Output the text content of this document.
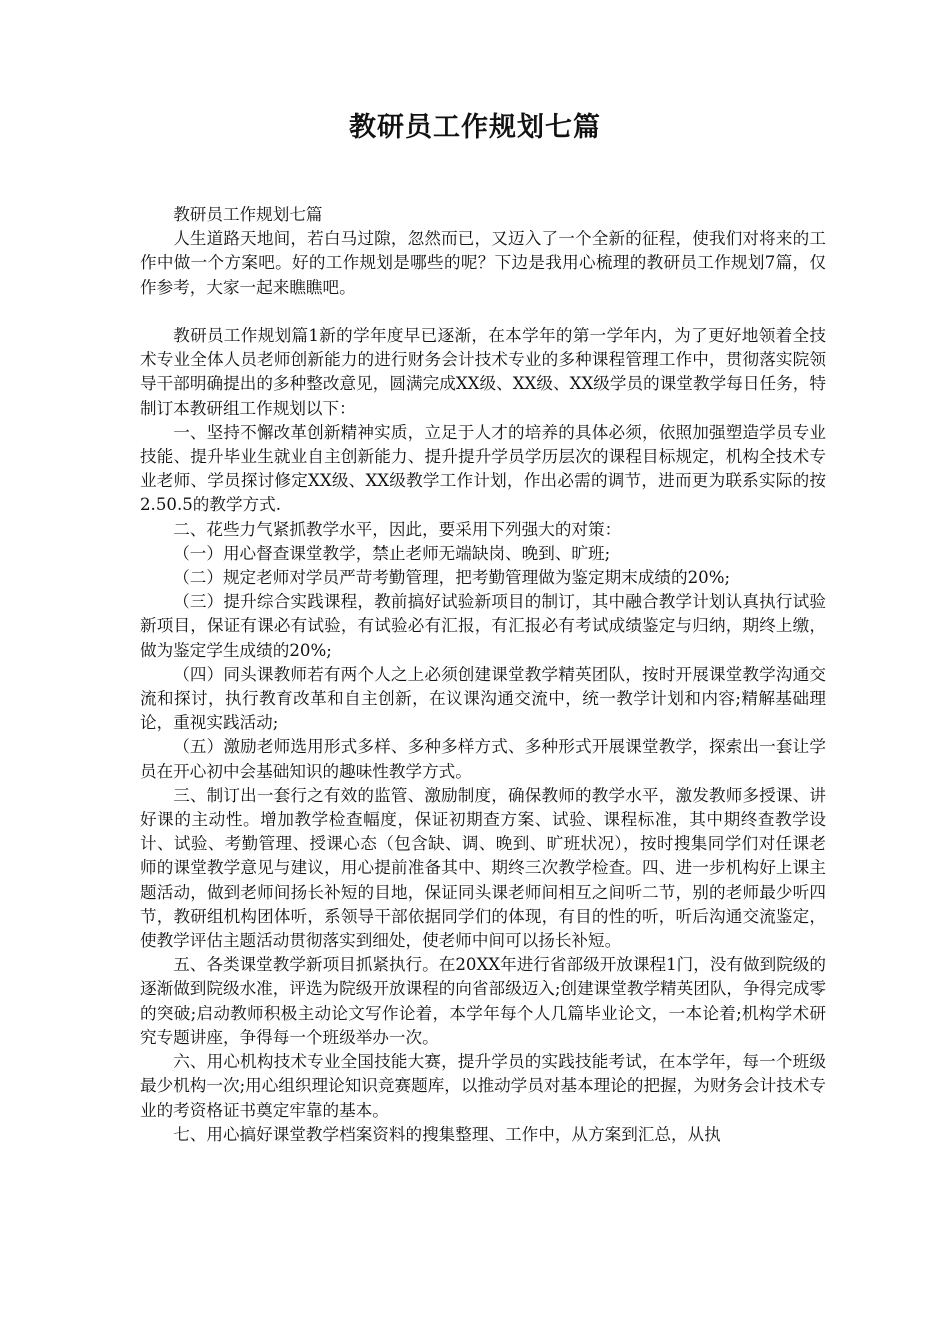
教研员工作规划七篇

教研员工作规划七篇

人生道路天地间，若白马过隙，忽然而已，又迈入了一个全新的征程，使我们对将来的工作中做一个方案吧。好的工作规划是哪些的呢？下边是我用心梳理的教研员工作规划7篇，仅作参考，大家一起来瞧瞧吧。

教研员工作规划篇1新的学年度早已逐渐，在本学年的第一学年内，为了更好地领着全技术专业全体人员老师创新能力的进行财务会计技术专业的多种课程管理工作中，贯彻落实院领导干部明确提出的多种整改意见，圆满完成XX级、XX级、XX级学员的课堂教学每日任务，特制订本教研组工作规划以下：

一、坚持不懈改革创新精神实质，立足于人才的培养的具体必须，依照加强塑造学员专业技能、提升毕业生就业自主创新能力、提升提升学员学历层次的课程目标规定，机构全技术专业老师、学员探讨修定XX级、XX级教学工作计划，作出必需的调节，进而更为联系实际的按2.50.5的教学方式.

二、花些力气紧抓教学水平，因此，要采用下列强大的对策：

（一）用心督查课堂教学，禁止老师无端缺岗、晚到、旷班;

（二）规定老师对学员严苛考勤管理，把考勤管理做为鉴定期末成绩的20%;

（三）提升综合实践课程，教前搞好试验新项目的制订，其中融合教学计划认真执行试验新项目，保证有课必有试验，有试验必有汇报，有汇报必有考试成绩鉴定与归纳，期终上缴，做为鉴定学生成绩的20%;

（四）同头课教师若有两个人之上必须创建课堂教学精英团队，按时开展课堂教学沟通交流和探讨，执行教育改革和自主创新，在议课沟通交流中，统一教学计划和内容;精解基础理论，重视实践活动;

（五）激励老师选用形式多样、多种多样方式、多种形式开展课堂教学，探索出一套让学员在开心初中会基础知识的趣味性教学方式。

三、制订出一套行之有效的监管、激励制度，确保教师的教学水平，激发教师多授课、讲好课的主动性。增加教学检查幅度，保证初期查方案、试验、课程标准，其中期终查教学设计、试验、考勤管理、授课心态（包含缺、调、晚到、旷班状况），按时搜集同学们对任课老师的课堂教学意见与建议，用心提前准备其中、期终三次教学检查。四、进一步机构好上课主题活动，做到老师间扬长补短的目地，保证同头课老师间相互之间听二节，别的老师最少听四节，教研组机构团体听，系领导干部依据同学们的体现，有目的性的听，听后沟通交流鉴定，使教学评估主题活动贯彻落实到细处，使老师中间可以扬长补短。

五、各类课堂教学新项目抓紧执行。在20XX年进行省部级开放课程1门，没有做到院级的逐渐做到院级水准，评选为院级开放课程的向省部级迈入;创建课堂教学精英团队，争得完成零的突破;启动教师积极主动论文写作论着，本学年每个人几篇毕业论文，一本论着;机构学术研究专题讲座，争得每一个班级举办一次。

六、用心机构技术专业全国技能大赛，提升学员的实践技能考试，在本学年，每一个班级最少机构一次;用心组织理论知识竞赛题库，以推动学员对基本理论的把握，为财务会计技术专业的考资格证书奠定牢靠的基本。

七、用心搞好课堂教学档案资料的搜集整理、工作中，从方案到汇总，从执
